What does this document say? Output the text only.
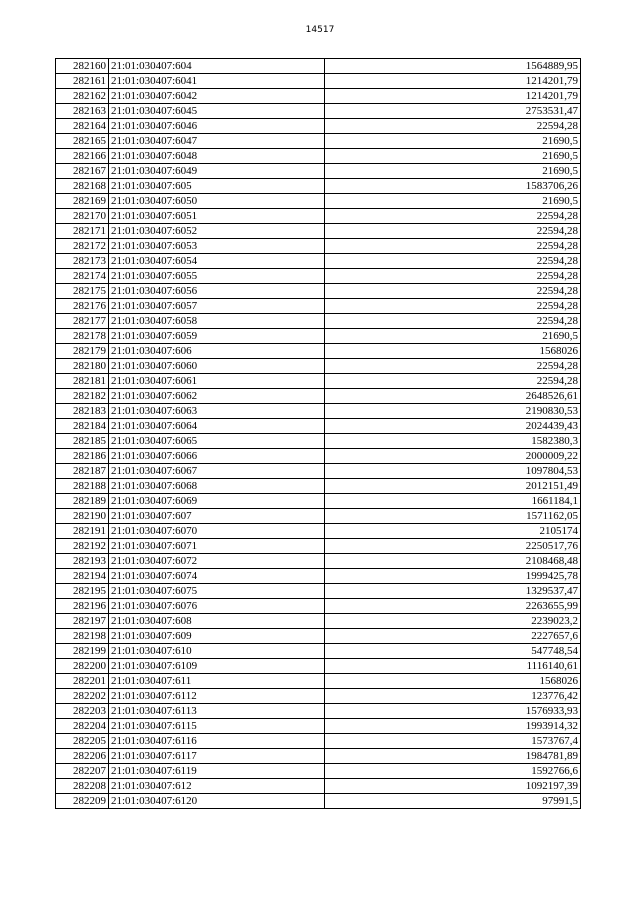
14517
282160	21:01:030407:604	1564889,95
282161	21:01:030407:6041	1214201,79
282162	21:01:030407:6042	1214201,79
282163	21:01:030407:6045	2753531,47
282164	21:01:030407:6046	22594,28
282165	21:01:030407:6047	21690,5
282166	21:01:030407:6048	21690,5
282167	21:01:030407:6049	21690,5
282168	21:01:030407:605	1583706,26
282169	21:01:030407:6050	21690,5
282170	21:01:030407:6051	22594,28
282171	21:01:030407:6052	22594,28
282172	21:01:030407:6053	22594,28
282173	21:01:030407:6054	22594,28
282174	21:01:030407:6055	22594,28
282175	21:01:030407:6056	22594,28
282176	21:01:030407:6057	22594,28
282177	21:01:030407:6058	22594,28
282178	21:01:030407:6059	21690,5
282179	21:01:030407:606	1568026
282180	21:01:030407:6060	22594,28
282181	21:01:030407:6061	22594,28
282182	21:01:030407:6062	2648526,61
282183	21:01:030407:6063	2190830,53
282184	21:01:030407:6064	2024439,43
282185	21:01:030407:6065	1582380,3
282186	21:01:030407:6066	2000009,22
282187	21:01:030407:6067	1097804,53
282188	21:01:030407:6068	2012151,49
282189	21:01:030407:6069	1661184,1
282190	21:01:030407:607	1571162,05
282191	21:01:030407:6070	2105174
282192	21:01:030407:6071	2250517,76
282193	21:01:030407:6072	2108468,48
282194	21:01:030407:6074	1999425,78
282195	21:01:030407:6075	1329537,47
282196	21:01:030407:6076	2263655,99
282197	21:01:030407:608	2239023,2
282198	21:01:030407:609	2227657,6
282199	21:01:030407:610	547748,54
282200	21:01:030407:6109	1116140,61
282201	21:01:030407:611	1568026
282202	21:01:030407:6112	123776,42
282203	21:01:030407:6113	1576933,93
282204	21:01:030407:6115	1993914,32
282205	21:01:030407:6116	1573767,4
282206	21:01:030407:6117	1984781,89
282207	21:01:030407:6119	1592766,6
282208	21:01:030407:612	1092197,39
282209	21:01:030407:6120	97991,5
